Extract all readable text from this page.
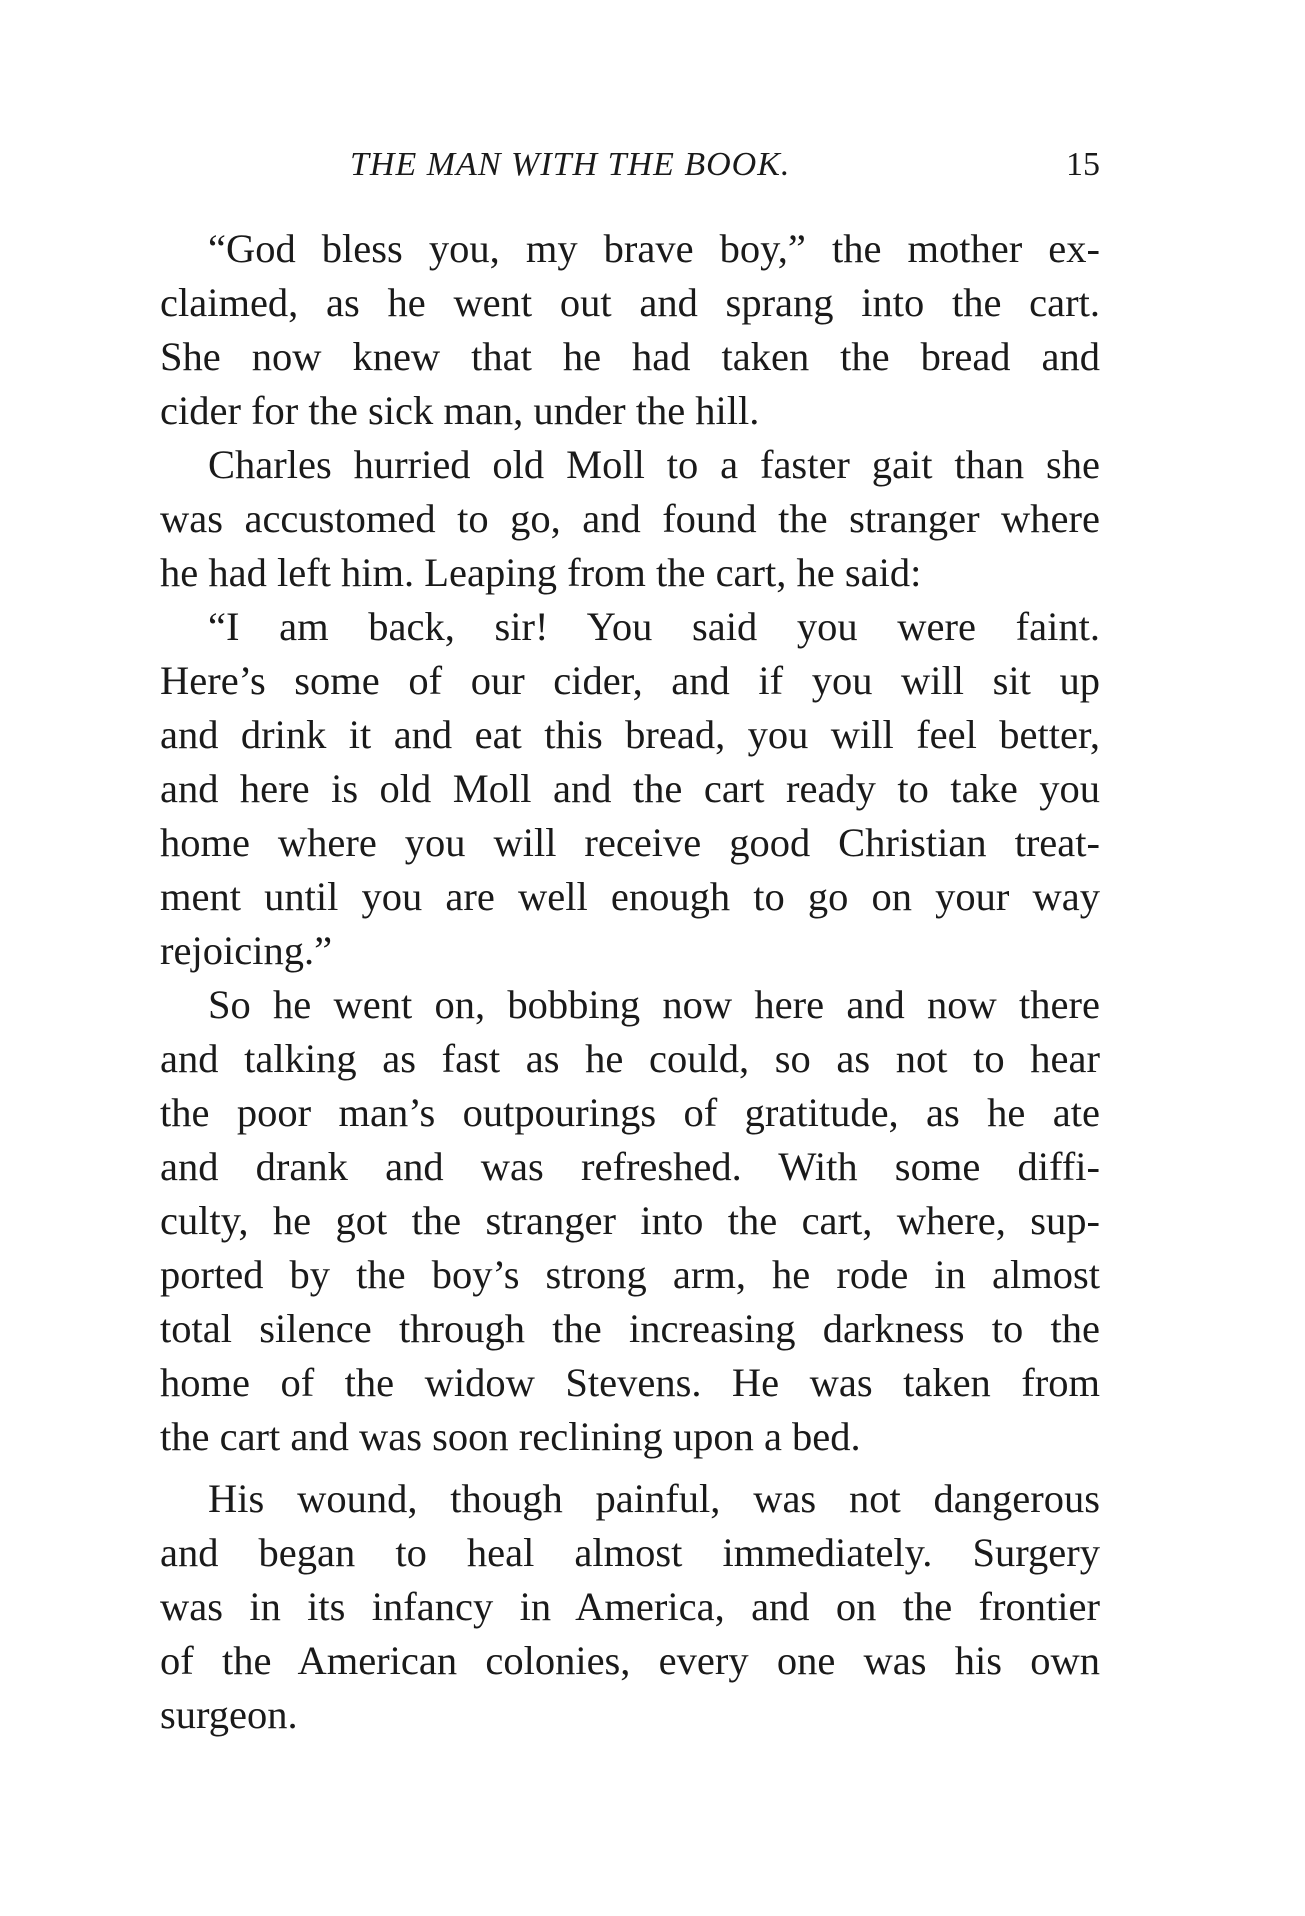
THE MAN WITH THE BOOK.	15

“God bless you, my brave boy,” the mother ex-
claimed, as he went out and sprang into the cart.
She now knew that he had taken the bread and
cider for the sick man, under the hill.

Charles hurried old Moll to a faster gait than she
was accustomed to go, and found the stranger where
he had left him. Leaping from the cart, he said:

“I am back, sir! You said you were faint.
Here’s some of our cider, and if you will sit up
and drink it and eat this bread, you will feel better,
and here is old Moll and the cart ready to take you
home where you will receive good Christian treat-
ment until you are well enough to go on your way
rejoicing.”

So he went on, bobbing now here and now there
and talking as fast as he could, so as not to hear
the poor man’s outpourings of gratitude, as he ate
and drank and was refreshed. With some diffi-
culty, he got the stranger into the cart, where, sup-
ported by the boy’s strong arm, he rode in almost
total silence through the increasing darkness to the
home of the widow Stevens. He was taken from
the cart and was soon reclining upon a bed.

His wound, though painful, was not dangerous
and began to heal almost immediately. Surgery
was in its infancy in America, and on the frontier
of the American colonies, every one was his own
surgeon.
